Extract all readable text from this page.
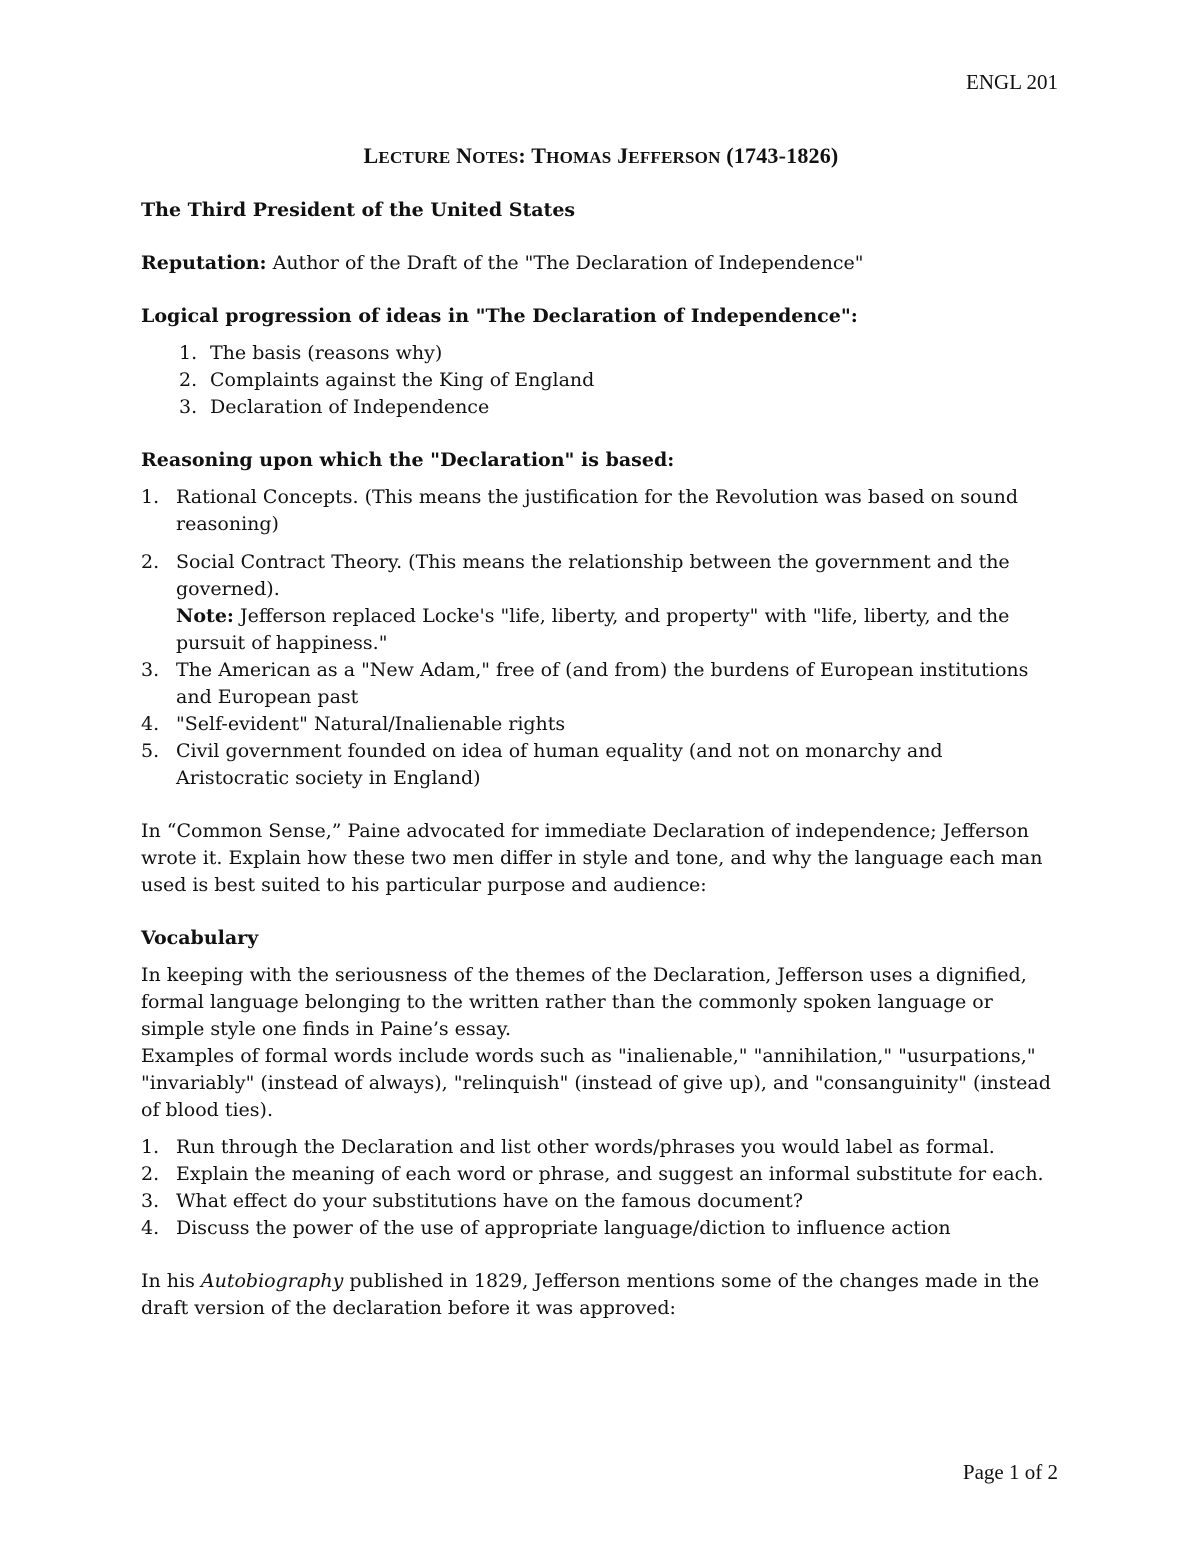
ENGL 201

LECTURE NOTES: THOMAS JEFFERSON (1743-1826)

The Third President of the United States

Reputation: Author of the Draft of the "The Declaration of Independence"

Logical progression of ideas in "The Declaration of Independence":

1. The basis (reasons why)
2. Complaints against the King of England
3. Declaration of Independence

Reasoning upon which the "Declaration" is based:

1. Rational Concepts. (This means the justification for the Revolution was based on sound reasoning)
2. Social Contract Theory. (This means the relationship between the government and the governed).
Note: Jefferson replaced Locke's "life, liberty, and property" with "life, liberty, and the pursuit of happiness."
3. The American as a "New Adam," free of (and from) the burdens of European institutions and European past
4. "Self-evident" Natural/Inalienable rights
5. Civil government founded on idea of human equality (and not on monarchy and Aristocratic society in England)

In “Common Sense,” Paine advocated for immediate Declaration of independence; Jefferson wrote it. Explain how these two men differ in style and tone, and why the language each man used is best suited to his particular purpose and audience:

Vocabulary

In keeping with the seriousness of the themes of the Declaration, Jefferson uses a dignified, formal language belonging to the written rather than the commonly spoken language or simple style one finds in Paine’s essay.

Examples of formal words include words such as "inalienable," "annihilation," "usurpations," "invariably" (instead of always), "relinquish" (instead of give up), and "consanguinity" (instead of blood ties).

1. Run through the Declaration and list other words/phrases you would label as formal.
2. Explain the meaning of each word or phrase, and suggest an informal substitute for each.
3. What effect do your substitutions have on the famous document?
4. Discuss the power of the use of appropriate language/diction to influence action

In his Autobiography published in 1829, Jefferson mentions some of the changes made in the draft version of the declaration before it was approved:

Page 1 of 2
